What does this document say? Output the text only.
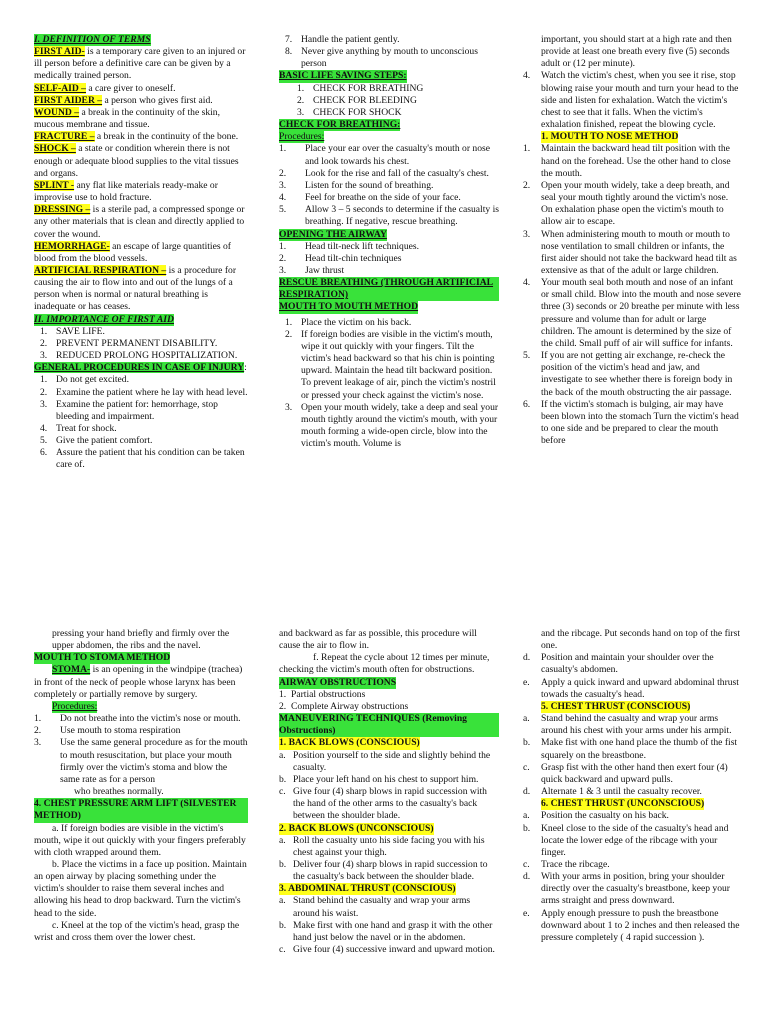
I. DEFINITION OF TERMS

FIRST AID- is a temporary care given to an injured or ill person before a definitive care can be given by a medically trained person.

SELF-AID – a care giver to oneself.

FIRST AIDER – a person who gives first aid.

WOUND – a break in the continuity of the skin, mucous membrane and tissue.

FRACTURE – a break in the continuity of the bone.

SHOCK – a state or condition wherein there is not enough or adequate blood supplies to the vital tissues and organs.

SPLINT - any flat like materials ready-make or improvise use to hold fracture.

DRESSING – is a sterile pad, a compressed sponge or any other materials that is clean and directly applied to cover the wound.

HEMORRHAGE- an escape of large quantities of blood from the blood vessels.

ARTIFICIAL RESPIRATION – is a procedure for causing the air to flow into and out of the lungs of a person when is normal or natural breathing is inadequate or has ceases.

II. IMPORTANCE OF FIRST AID
1. SAVE LIFE.
2. PREVENT PERMANENT DISABILITY.
3. REDUCED PROLONG HOSPITALIZATION.
GENERAL PROCEDURES IN CASE OF INJURY:
1. Do not get excited.
2. Examine the patient where he lay with head level.
3. Examine the patient for: hemorrhage, stop bleeding and impairment.
4. Treat for shock.
5. Give the patient comfort.
6. Assure the patient that his condition can be taken care of.
7. Handle the patient gently.
8. Never give anything by mouth to unconscious person
BASIC LIFE SAVING STEPS:
1. CHECK FOR BREATHING
2. CHECK FOR BLEEDING
3. CHECK FOR SHOCK
CHECK FOR BREATHING:
Procedures:
1. Place your ear over the casualty's mouth or nose and look towards his chest.
2. Look for the rise and fall of the casualty's chest.
3. Listen for the sound of breathing.
4. Feel for breathe on the side of your face.
5. Allow 3 – 5 seconds to determine if the casualty is breathing. If negative, rescue breathing.
OPENING THE AIRWAY
1. Head tilt-neck lift techniques.
2. Head tilt-chin techniques
3. Jaw thrust
RESCUE BREATHING (THROUGH ARTIFICIAL RESPIRATION)
MOUTH TO MOUTH METHOD
1. Place the victim on his back.
2. If foreign bodies are visible in the victim's mouth, wipe it out quickly with your fingers. Tilt the victim's head backward so that his chin is pointing upward. Maintain the head tilt backward position. To prevent leakage of air, pinch the victim's nostril or pressed your check against the victim's nose.
3. Open your mouth widely, take a deep and seal your mouth tightly around the victim's mouth, with your mouth forming a wide-open circle, blow into the victim's mouth. Volume is

important, you should start at a high rate and then provide at least one breath every five (5) seconds adult or (12 per minute).

4. Watch the victim's chest, when you see it rise, stop blowing raise your mouth and turn your head to the side and listen for exhalation. Watch the victim's chest to see that it falls. When the victim's exhalation finished, repeat the blowing cycle.
1. MOUTH TO NOSE METHOD
1. Maintain the backward head tilt position with the hand on the forehead. Use the other hand to close the mouth.
2. Open your mouth widely, take a deep breath, and seal your mouth tightly around the victim's nose. On exhalation phase open the victim's mouth to allow air to escape.
3. When administering mouth to mouth or mouth to nose ventilation to small children or infants, the first aider should not take the backward head tilt as extensive as that of the adult or large children.
4. Your mouth seal both mouth and nose of an infant or small child. Blow into the mouth and nose severe three (3) seconds or 20 breathe per minute with less pressure and volume than for adult or large children. The amount is determined by the size of the child. Small puff of air will suffice for infants.
5. If you are not getting air exchange, re-check the position of the victim's head and jaw, and investigate to see whether there is foreign body in the back of the mouth obstructing the air passage.
6. If the victim's stomach is bulging, air may have been blown into the stomach Turn the victim's head to one side and be prepared to clear the mouth before

pressing your hand briefly and firmly over the upper abdomen, the ribs and the navel.

MOUTH TO STOMA METHOD

STOMA- is an opening in the windpipe (trachea) in front of the neck of people whose larynx has been completely or partially remove by surgery.

Procedures:
1. Do not breathe into the victim's nose or mouth.
2. Use mouth to stoma respiration
3. Use the same general procedure as for the mouth to mouth resuscitation, but place your mouth firmly over the victim's stoma and blow the same rate as for a person

who breathes normally.

4. CHEST PRESSURE ARM LIFT (SILVESTER METHOD)

a. If foreign bodies are visible in the victim's mouth, wipe it out quickly with your fingers preferably with cloth wrapped around them.

b. Place the victims in a face up position. Maintain an open airway by placing something under the victim's shoulder to raise them several inches and allowing his head to drop backward. Turn the victim's head to the side.

c. Kneel at the top of the victim's head, grasp the wrist and cross them over the lower chest.

and backward as far as possible, this procedure will cause the air to flow in.

f. Repeat the cycle about 12 times per minute, checking the victim's mouth often for obstructions.

AIRWAY OBSTRUCTIONS
1. Partial obstructions
2. Complete Airway obstructions
MANEUVERING TECHNIQUES (Removing Obstructions)
1. BACK BLOWS (CONSCIOUS)
a. Position yourself to the side and slightly behind the casualty.
b. Place your left hand on his chest to support him.
c. Give four (4) sharp blows in rapid succession with the hand of the other arms to the casualty's back between the shoulder blade.
2. BACK BLOWS (UNCONSCIOUS)
a. Roll the casualty unto his side facing you with his chest against your thigh.
b. Deliver four (4) sharp blows in rapid succession to the casualty's back between the shoulder blade.
3. ABDOMINAL THRUST (CONSCIOUS)
a. Stand behind the casualty and wrap your arms around his waist.
b. Make first with one hand and grasp it with the other hand just below the navel or in the abdomen.
c. Give four (4) successive inward and upward motion.

and the ribcage. Put seconds hand on top of the first one.

d. Position and maintain your shoulder over the casualty's abdomen.
e. Apply a quick inward and upward abdominal thrust towads the casualty's head.
5. CHEST THRUST (CONSCIOUS)
a. Stand behind the casualty and wrap your arms around his chest with your arms under his armpit.
b. Make fist with one hand place the thumb of the fist squarely on the breastbone.
c. Grasp fist with the other hand then exert four (4) quick backward and upward pulls.
d. Alternate 1 & 3 until the casualty recover.
6. CHEST THRUST (UNCONSCIOUS)
a. Position the casualty on his back.
b. Kneel close to the side of the casualty's head and locate the lower edge of the ribcage with your finger.
c. Trace the ribcage.
d. With your arms in position, bring your shoulder directly over the casualty's breastbone, keep your arms straight and press downward.
e. Apply enough pressure to push the breastbone downward about 1 to 2 inches and then released the pressure completely ( 4 rapid succession ).
